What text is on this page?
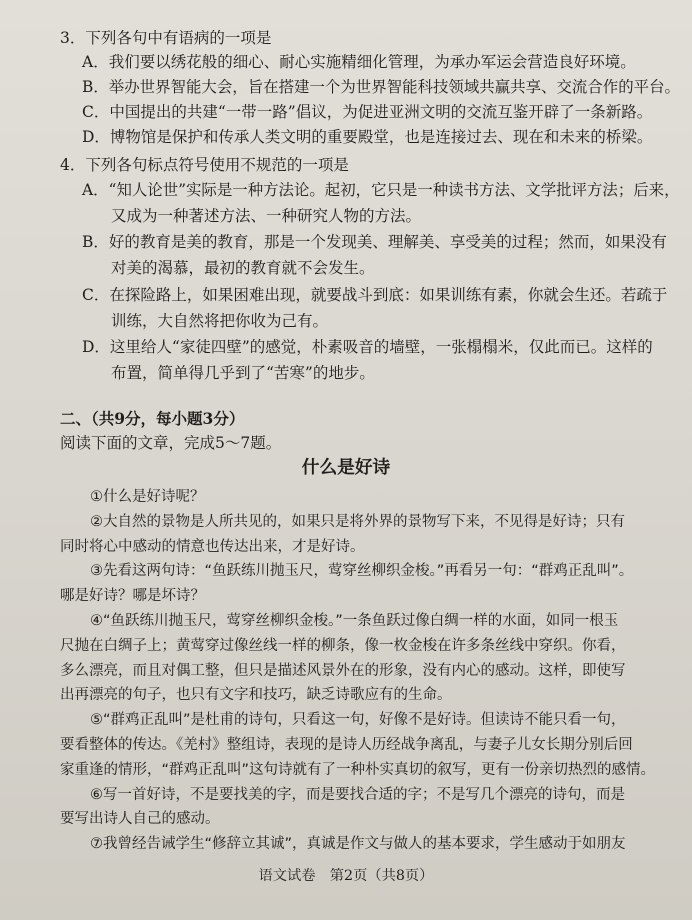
3．下列各句中有语病的一项是
A．我们要以绣花般的细心、耐心实施精细化管理，为承办军运会营造良好环境。
B．举办世界智能大会，旨在搭建一个为世界智能科技领域共赢共享、交流合作的平台。
C．中国提出的共建“一带一路”倡议，为促进亚洲文明的交流互鉴开辟了一条新路。
D．博物馆是保护和传承人类文明的重要殿堂，也是连接过去、现在和未来的桥梁。
4．下列各句标点符号使用不规范的一项是
A．“知人论世”实际是一种方法论。起初，它只是一种读书方法、文学批评方法；后来，
又成为一种著述方法、一种研究人物的方法。
B．好的教育是美的教育，那是一个发现美、理解美、享受美的过程；然而，如果没有
对美的渴慕，最初的教育就不会发生。
C．在探险路上，如果困难出现，就要战斗到底：如果训练有素，你就会生还。若疏于
训练，大自然将把你收为己有。
D．这里给人“家徒四壁”的感觉，朴素吸音的墙壁，一张榻榻米，仅此而已。这样的
布置，简单得几乎到了“苦寒”的地步。
二、（共9分，每小题3分）
阅读下面的文章，完成5～7题。
什么是好诗
①什么是好诗呢？
②大自然的景物是人所共见的，如果只是将外界的景物写下来，不见得是好诗；只有
同时将心中感动的情意也传达出来，才是好诗。
③先看这两句诗：“鱼跃练川抛玉尺，莺穿丝柳织金梭。”再看另一句：“群鸡正乱叫”。
哪是好诗？哪是坏诗？
④“鱼跃练川抛玉尺，莺穿丝柳织金梭。”一条鱼跃过像白绸一样的水面，如同一根玉
尺抛在白绸子上；黄莺穿过像丝线一样的柳条，像一枚金梭在许多条丝线中穿织。你看，
多么漂亮，而且对偶工整，但只是描述风景外在的形象，没有内心的感动。这样，即使写
出再漂亮的句子，也只有文字和技巧，缺乏诗歌应有的生命。
⑤“群鸡正乱叫”是杜甫的诗句，只看这一句，好像不是好诗。但读诗不能只看一句，
要看整体的传达。《羌村》整组诗，表现的是诗人历经战争离乱，与妻子儿女长期分别后回
家重逢的情形，“群鸡正乱叫”这句诗就有了一种朴实真切的叙写，更有一份亲切热烈的感情。
⑥写一首好诗，不是要找美的字，而是要找合适的字；不是写几个漂亮的诗句，而是
要写出诗人自己的感动。
⑦我曾经告诫学生“修辞立其诚”，真诚是作文与做人的基本要求，学生感动于如朋友
语文试卷　第2页（共8页）
